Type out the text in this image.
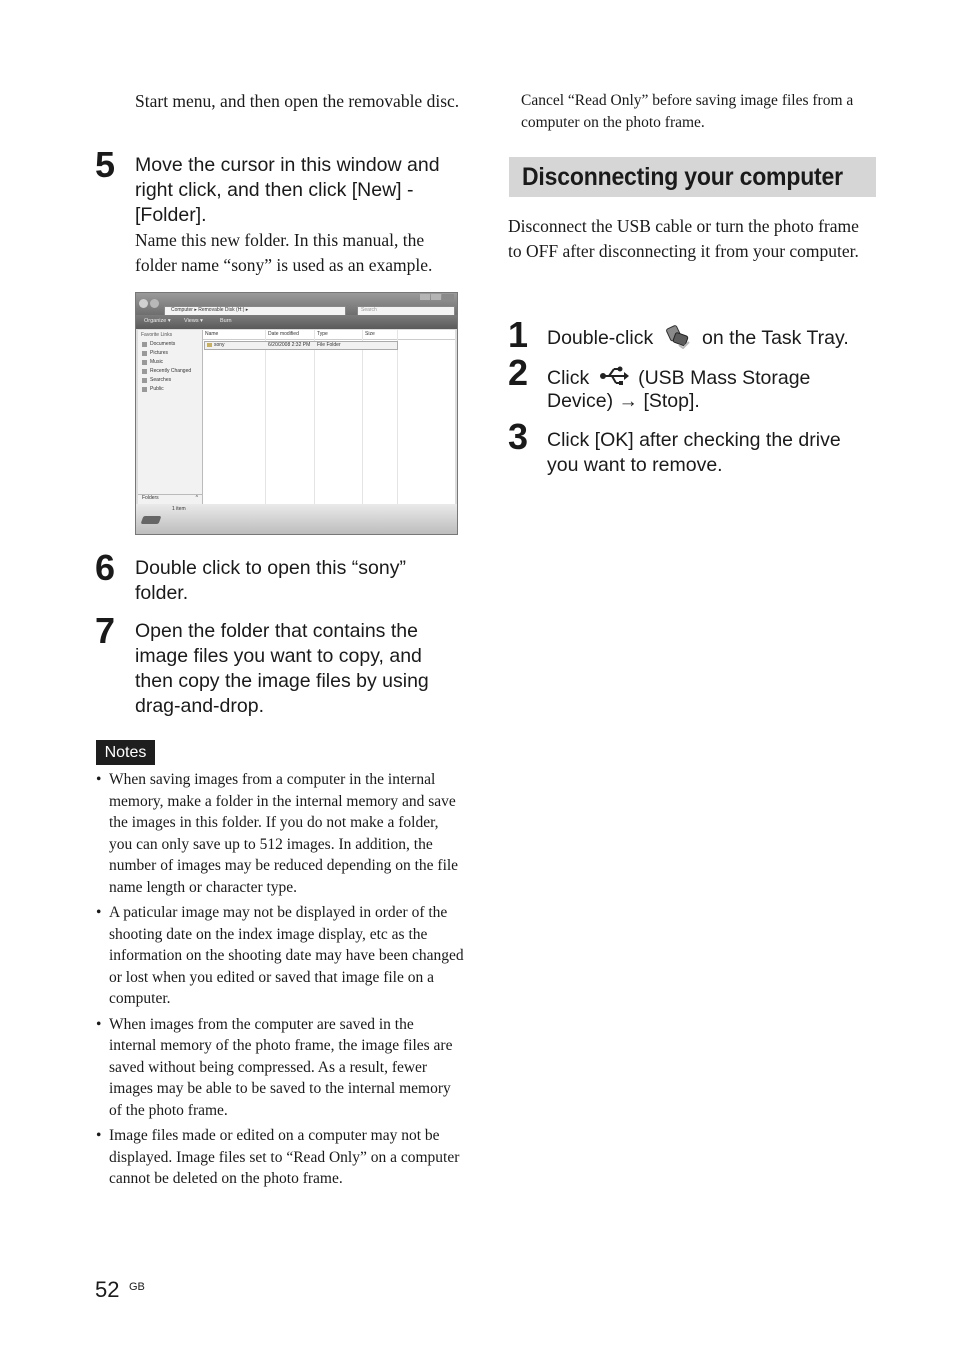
Start menu, and then open the removable disc.
5 Move the cursor in this window and right click, and then click [New] - [Folder].
Name this new folder. In this manual, the folder name “sony” is used as an example.
Computer ▸ Removable Disk (H:) ▸	Search
Organize ▾ Views ▾	Burn
Favorite Links
Documents
Pictures
Music
Recently Changed
Searches
Public
Folders	^
Name	Date modified	Type	Size
sony	6/20/2008 2:32 PM File Folder
1 item
6 Double click to open this “sony” folder.
7 Open the folder that contains the image files you want to copy, and then copy the image files by using drag-and-drop.
Notes
• When saving images from a computer in the internal memory, make a folder in the internal memory and save the images in this folder. If you do not make a folder, you can only save up to 512 images. In addition, the number of images may be reduced depending on the file name length or character type.
• A paticular image may not be displayed in order of the shooting date on the index image display, etc as the information on the shooting date may have been changed or lost when you edited or saved that image file on a computer.
• When images from the computer are saved in the internal memory of the photo frame, the image files are saved without being compressed. As a result, fewer images may be able to be saved to the internal memory of the photo frame.
• Image files made or edited on a computer may not be displayed. Image files set to “Read Only” on a computer cannot be deleted on the photo frame.
Cancel “Read Only” before saving image files from a computer on the photo frame.
Disconnecting your computer
Disconnect the USB cable or turn the photo frame to OFF after disconnecting it from your computer.
1 Double-click	on the Task Tray.
2 Click	(USB Mass Storage
Device) → [Stop].
3 Click [OK] after checking the drive you want to remove.
52 GB
